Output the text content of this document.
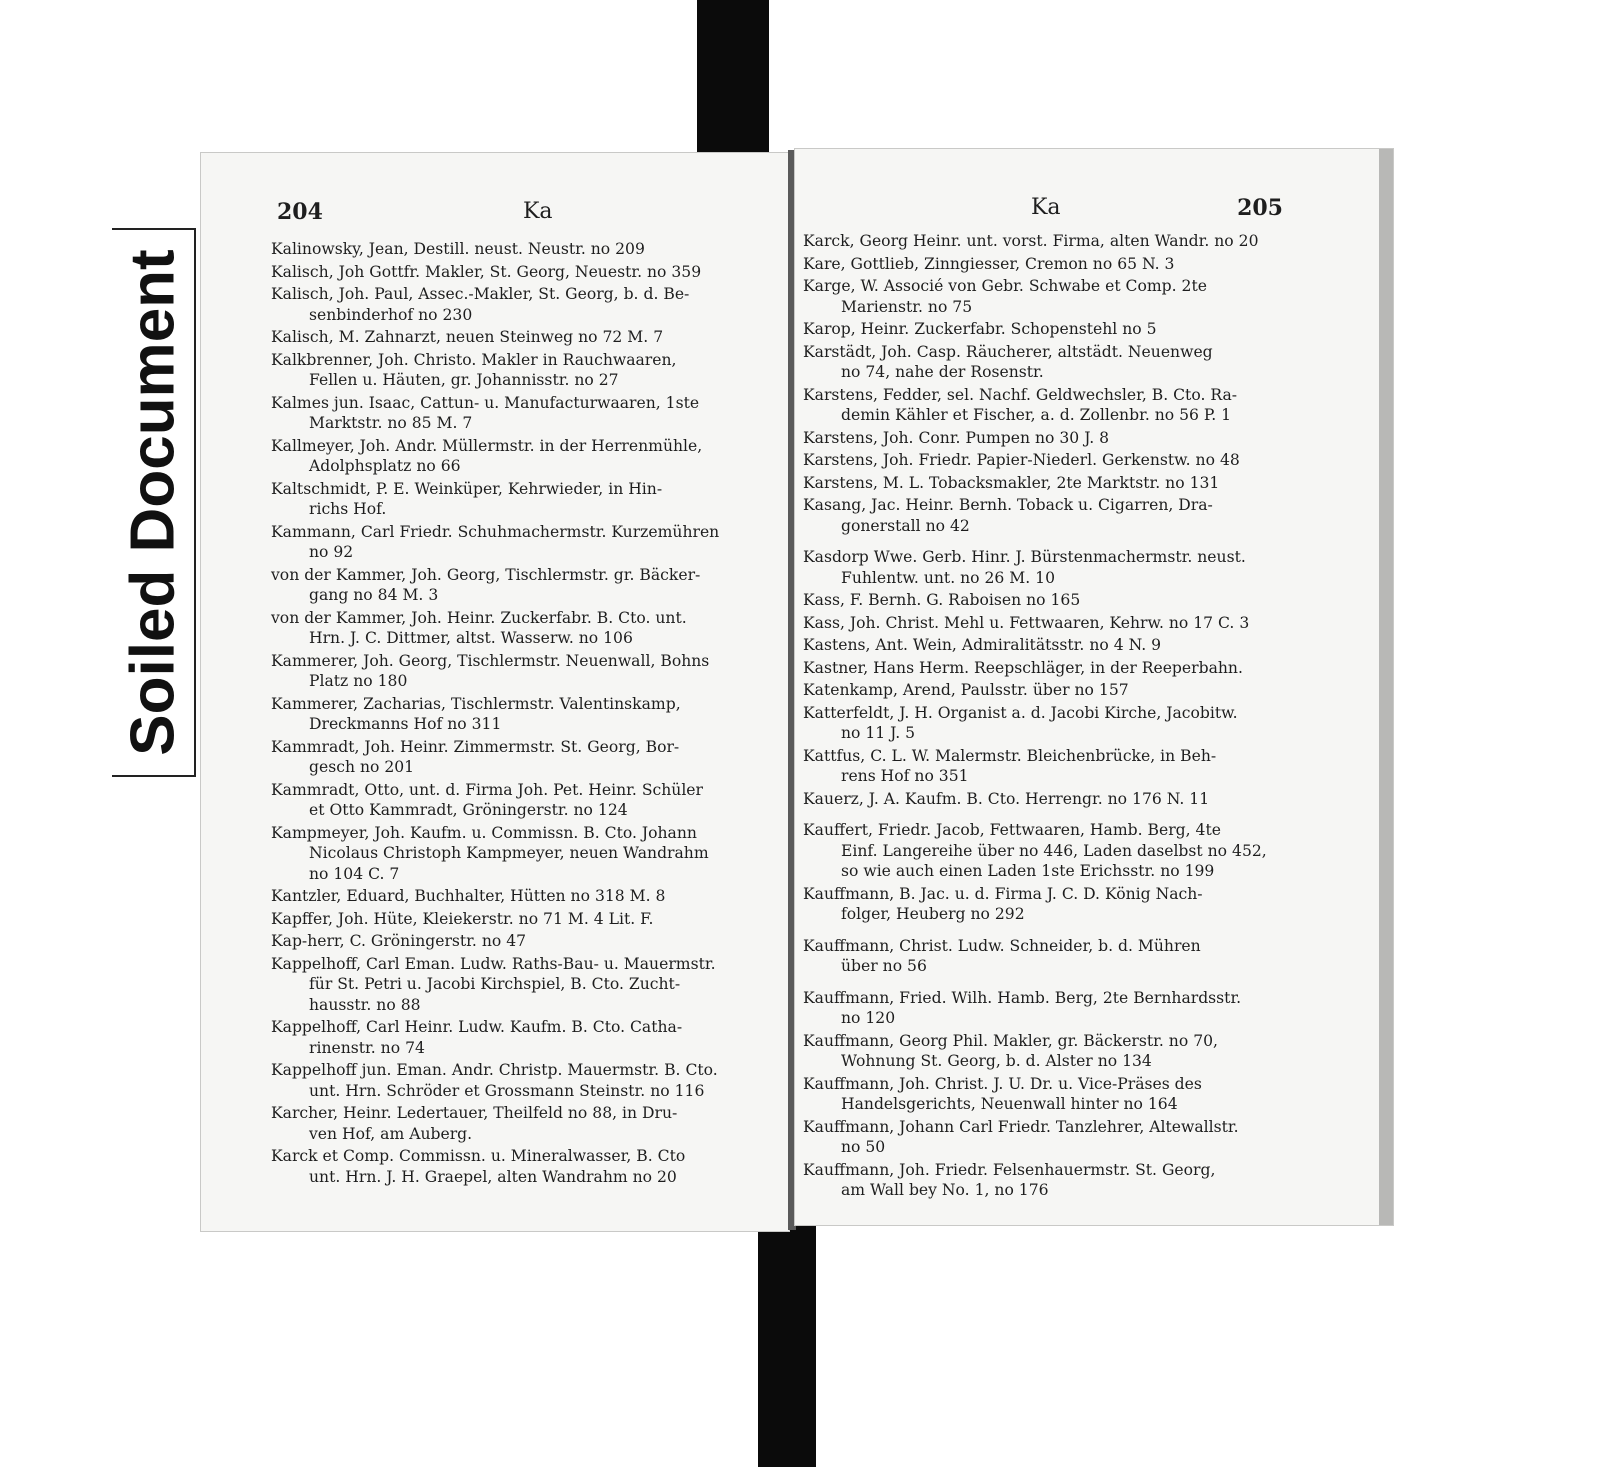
204	Ka
Kalinowsky, Jean, Destill. neust. Neustr. no 209
Kalisch, Joh Gottfr. Makler, St. Georg, Neuestr. no 359
Kalisch, Joh. Paul, Assec.-Makler, St. Georg, b. d. Be-
senbinderhof no 230
Kalisch, M. Zahnarzt, neuen Steinweg no 72 M. 7
Kalkbrenner, Joh. Christo. Makler in Rauchwaaren,
Fellen u. Häuten, gr. Johannisstr. no 27
Kalmes jun. Isaac, Cattun- u. Manufacturwaaren, 1ste
Marktstr. no 85 M. 7
Kallmeyer, Joh. Andr. Müllermstr. in der Herrenmühle,
Adolphsplatz no 66
Kaltschmidt, P. E. Weinküper, Kehrwieder, in Hin-
richs Hof.
Kammann, Carl Friedr. Schuhmachermstr. Kurzemühren
no 92
von der Kammer, Joh. Georg, Tischlermstr. gr. Bäcker-
gang no 84 M. 3
von der Kammer, Joh. Heinr. Zuckerfabr. B. Cto. unt.
Hrn. J. C. Dittmer, altst. Wasserw. no 106
Kammerer, Joh. Georg, Tischlermstr. Neuenwall, Bohns
Platz no 180
Kammerer, Zacharias, Tischlermstr. Valentinskamp,
Dreckmanns Hof no 311
Kammradt, Joh. Heinr. Zimmermstr. St. Georg, Bor-
gesch no 201
Kammradt, Otto, unt. d. Firma Joh. Pet. Heinr. Schüler
et Otto Kammradt, Gröningerstr. no 124
Kampmeyer, Joh. Kaufm. u. Commissn. B. Cto. Johann
Nicolaus Christoph Kampmeyer, neuen Wandrahm
no 104 C. 7
Kantzler, Eduard, Buchhalter, Hütten no 318 M. 8
Kapffer, Joh. Hüte, Kleiekerstr. no 71 M. 4 Lit. F.
Kap-herr, C. Gröningerstr. no 47
Kappelhoff, Carl Eman. Ludw. Raths-Bau- u. Mauermstr.
für St. Petri u. Jacobi Kirchspiel, B. Cto. Zucht-
hausstr. no 88
Kappelhoff, Carl Heinr. Ludw. Kaufm. B. Cto. Catha-
rinenstr. no 74
Kappelhoff jun. Eman. Andr. Christp. Mauermstr. B. Cto.
unt. Hrn. Schröder et Grossmann Steinstr. no 116
Karcher, Heinr. Ledertauer, Theilfeld no 88, in Dru-
ven Hof, am Auberg.
Karck et Comp. Commissn. u. Mineralwasser, B. Cto
unt. Hrn. J. H. Graepel, alten Wandrahm no 20
Ka	205
Karck, Georg Heinr. unt. vorst. Firma, alten Wandr. no 20
Kare, Gottlieb, Zinngiesser, Cremon no 65 N. 3
Karge, W. Associé von Gebr. Schwabe et Comp. 2te
Marienstr. no 75
Karop, Heinr. Zuckerfabr. Schopenstehl no 5
Karstädt, Joh. Casp. Räucherer, altstädt. Neuenweg
no 74, nahe der Rosenstr.
Karstens, Fedder, sel. Nachf. Geldwechsler, B. Cto. Ra-
demin Kähler et Fischer, a. d. Zollenbr. no 56 P. 1
Karstens, Joh. Conr. Pumpen no 30 J. 8
Karstens, Joh. Friedr. Papier-Niederl. Gerkenstw. no 48
Karstens, M. L. Tobacksmakler, 2te Marktstr. no 131
Kasang, Jac. Heinr. Bernh. Toback u. Cigarren, Dra-
gonerstall no 42
Kasdorp Wwe. Gerb. Hinr. J. Bürstenmachermstr. neust.
Fuhlentw. unt. no 26 M. 10
Kass, F. Bernh. G. Raboisen no 165
Kass, Joh. Christ. Mehl u. Fettwaaren, Kehrw. no 17 C. 3
Kastens, Ant. Wein, Admiralitätsstr. no 4 N. 9
Kastner, Hans Herm. Reepschläger, in der Reeperbahn.
Katenkamp, Arend, Paulsstr. über no 157
Katterfeldt, J. H. Organist a. d. Jacobi Kirche, Jacobitw.
no 11 J. 5
Kattfus, C. L. W. Malermstr. Bleichenbrücke, in Beh-
rens Hof no 351
Kauerz, J. A. Kaufm. B. Cto. Herrengr. no 176 N. 11
Kauffert, Friedr. Jacob, Fettwaaren, Hamb. Berg, 4te
Einf. Langereihe über no 446, Laden daselbst no 452,
so wie auch einen Laden 1ste Erichsstr. no 199
Kauffmann, B. Jac. u. d. Firma J. C. D. König Nach-
folger, Heuberg no 292
Kauffmann, Christ. Ludw. Schneider, b. d. Mühren
über no 56
Kauffmann, Fried. Wilh. Hamb. Berg, 2te Bernhardsstr.
no 120
Kauffmann, Georg Phil. Makler, gr. Bäckerstr. no 70,
Wohnung St. Georg, b. d. Alster no 134
Kauffmann, Joh. Christ. J. U. Dr. u. Vice-Präses des
Handelsgerichts, Neuenwall hinter no 164
Kauffmann, Johann Carl Friedr. Tanzlehrer, Altewallstr.
no 50
Kauffmann, Joh. Friedr. Felsenhauermstr. St. Georg,
am Wall bey No. 1, no 176
Soiled Document
